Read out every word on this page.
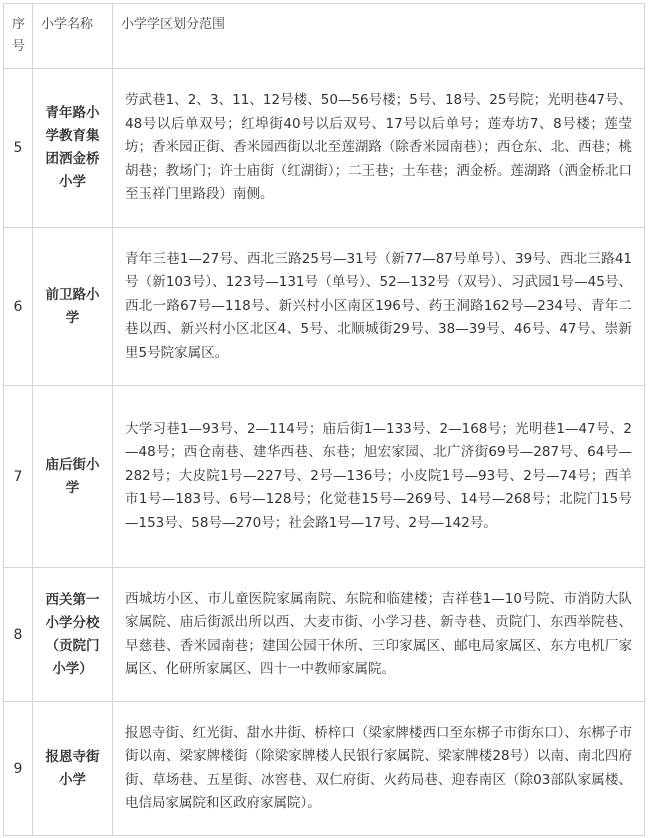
序号	小学名称	小学学区划分范围

5	青年路小学教育集团洒金桥小学	劳武巷1、2、3、11、12号楼、50—56号楼；5号、18号、25号院；光明巷47号、48号以后单双号；红埠街40号以后双号、17号以后单号；莲寿坊7、8号楼；莲莹坊；香米园正街、香米园西街以北至莲湖路（除香米园南巷）；西仓东、北、西巷；桃胡巷；教场门；许士庙街（红湖街）；二王巷；土车巷；洒金桥。莲湖路（洒金桥北口至玉祥门里路段）南侧。

6	前卫路小学	青年三巷1—27号、西北三路25号—31号（新77—87号单号）、39号、西北三路41号（新103号）、123号—131号（单号）、52—132号（双号）、习武园1号—45号、西北一路67号—118号、新兴村小区南区196号、药王洞路162号—234号、青年二巷以西、新兴村小区北区4、5号、北顺城街29号、38—39号、46号、47号、崇新里5号院家属区。

7	庙后街小学	大学习巷1—93号、2—114号；庙后街1—133号、2—168号；光明巷1—47号、2—48号；西仓南巷、建华西巷、东巷；旭宏家园、北广济街69号—287号、64号—282号；大皮院1号—227号、2号—136号；小皮院1号—93号、2号—74号；西羊市1号—183号、6号—128号；化觉巷15号—269号、14号—268号；北院门15号—153号、58号—270号；社会路1号—17号、2号—142号。

8	西关第一小学分校（贡院门小学）	西城坊小区、市儿童医院家属南院、东院和临建楼；吉祥巷1—10号院、市消防大队家属院、庙后街派出所以西、大麦市街、小学习巷、新寺巷、贡院门、东西举院巷、早慈巷、香米园南巷；建国公园干休所、三印家属区、邮电局家属区、东方电机厂家属区、化研所家属区、四十一中教师家属院。

9	报恩寺街小学	报恩寺街、红光街、甜水井街、桥梓口（梁家牌楼西口至东梆子市街东口）、东梆子市街以南、梁家牌楼街（除梁家牌楼人民银行家属院、梁家牌楼28号）以南、南北四府街、草场巷、五星街、冰窖巷、双仁府街、火药局巷、迎春南区（除03部队家属楼、电信局家属院和区政府家属院）。
